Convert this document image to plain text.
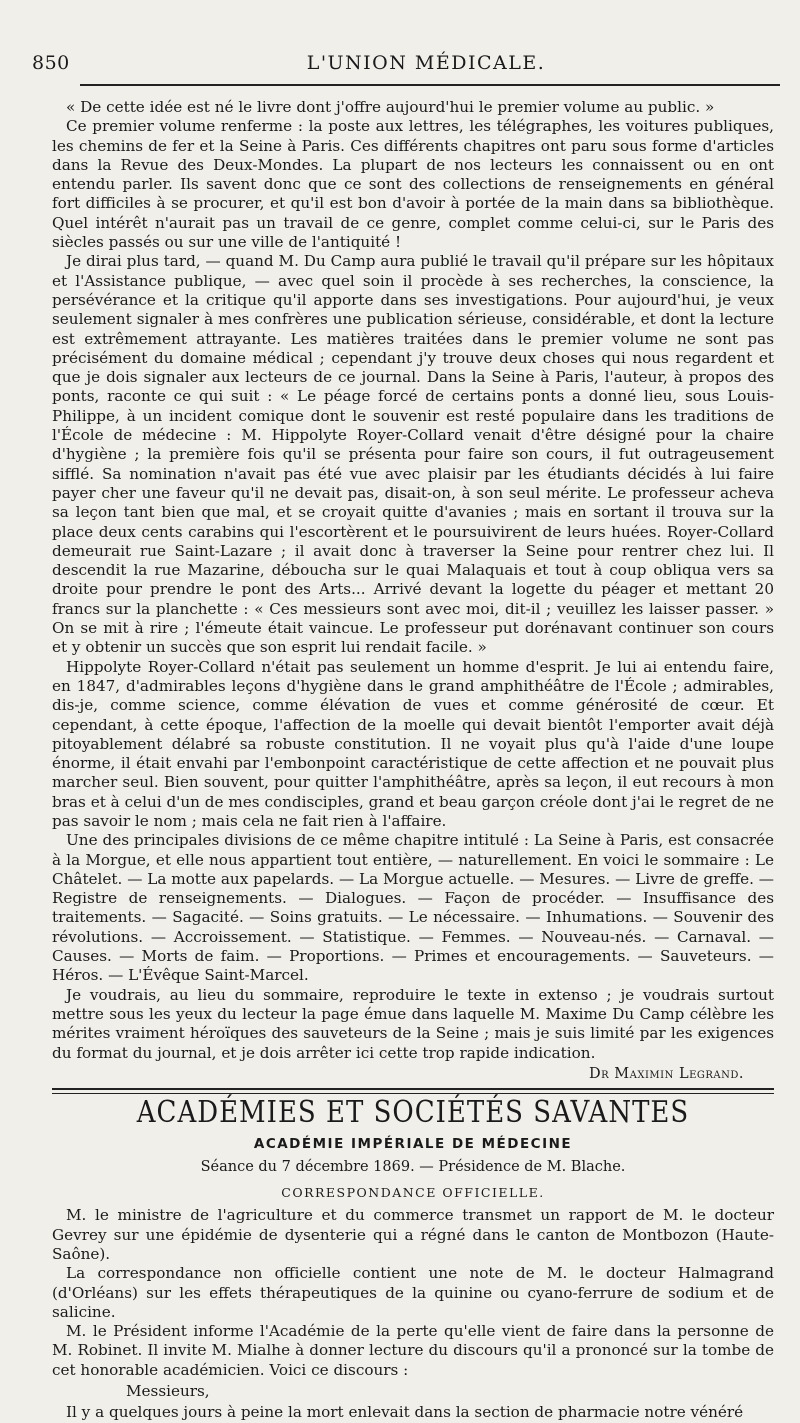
850	L'UNION MÉDICALE.

« De cette idée est né le livre dont j'offre aujourd'hui le premier volume au public. »

Ce premier volume renferme : la poste aux lettres, les télégraphes, les voitures publiques, les chemins de fer et la Seine à Paris. Ces différents chapitres ont paru sous forme d'articles dans la Revue des Deux-Mondes. La plupart de nos lecteurs les connaissent ou en ont entendu parler. Ils savent donc que ce sont des collections de renseignements en général fort difficiles à se procurer, et qu'il est bon d'avoir à portée de la main dans sa bibliothèque. Quel intérêt n'aurait pas un travail de ce genre, complet comme celui-ci, sur le Paris des siècles passés ou sur une ville de l'antiquité !

Je dirai plus tard, — quand M. Du Camp aura publié le travail qu'il prépare sur les hôpitaux et l'Assistance publique, — avec quel soin il procède à ses recherches, la conscience, la persévérance et la critique qu'il apporte dans ses investigations. Pour aujourd'hui, je veux seulement signaler à mes confrères une publication sérieuse, considérable, et dont la lecture est extrêmement attrayante. Les matières traitées dans le premier volume ne sont pas précisément du domaine médical ; cependant j'y trouve deux choses qui nous regardent et que je dois signaler aux lecteurs de ce journal. Dans la Seine à Paris, l'auteur, à propos des ponts, raconte ce qui suit : « Le péage forcé de certains ponts a donné lieu, sous Louis-Philippe, à un incident comique dont le souvenir est resté populaire dans les traditions de l'École de médecine : M. Hippolyte Royer-Collard venait d'être désigné pour la chaire d'hygiène ; la première fois qu'il se présenta pour faire son cours, il fut outrageusement sifflé. Sa nomination n'avait pas été vue avec plaisir par les étudiants décidés à lui faire payer cher une faveur qu'il ne devait pas, disait-on, à son seul mérite. Le professeur acheva sa leçon tant bien que mal, et se croyait quitte d'avanies ; mais en sortant il trouva sur la place deux cents carabins qui l'escortèrent et le poursuivirent de leurs huées. Royer-Collard demeurait rue Saint-Lazare ; il avait donc à traverser la Seine pour rentrer chez lui. Il descendit la rue Mazarine, déboucha sur le quai Malaquais et tout à coup obliqua vers sa droite pour prendre le pont des Arts... Arrivé devant la logette du péager et mettant 20 francs sur la planchette : « Ces messieurs sont avec moi, dit-il ; veuillez les laisser passer. » On se mit à rire ; l'émeute était vaincue. Le professeur put dorénavant continuer son cours et y obtenir un succès que son esprit lui rendait facile. »

Hippolyte Royer-Collard n'était pas seulement un homme d'esprit. Je lui ai entendu faire, en 1847, d'admirables leçons d'hygiène dans le grand amphithéâtre de l'École ; admirables, dis-je, comme science, comme élévation de vues et comme générosité de cœur. Et cependant, à cette époque, l'affection de la moelle qui devait bientôt l'emporter avait déjà pitoyablement délabré sa robuste constitution. Il ne voyait plus qu'à l'aide d'une loupe énorme, il était envahi par l'embonpoint caractéristique de cette affection et ne pouvait plus marcher seul. Bien souvent, pour quitter l'amphithéâtre, après sa leçon, il eut recours à mon bras et à celui d'un de mes condisciples, grand et beau garçon créole dont j'ai le regret de ne pas savoir le nom ; mais cela ne fait rien à l'affaire.

Une des principales divisions de ce même chapitre intitulé : La Seine à Paris, est consacrée à la Morgue, et elle nous appartient tout entière, — naturellement. En voici le sommaire : Le Châtelet. — La motte aux papelards. — La Morgue actuelle. — Mesures. — Livre de greffe. — Registre de renseignements. — Dialogues. — Façon de procéder. — Insuffisance des traitements. — Sagacité. — Soins gratuits. — Le nécessaire. — Inhumations. — Souvenir des révolutions. — Accroissement. — Statistique. — Femmes. — Nouveau-nés. — Carnaval. — Causes. — Morts de faim. — Proportions. — Primes et encouragements. — Sauveteurs. — Héros. — L'Évêque Saint-Marcel.

Je voudrais, au lieu du sommaire, reproduire le texte in extenso ; je voudrais surtout mettre sous les yeux du lecteur la page émue dans laquelle M. Maxime Du Camp célèbre les mérites vraiment héroïques des sauveteurs de la Seine ; mais je suis limité par les exigences du format du journal, et je dois arrêter ici cette trop rapide indication.

Dr Maximin Legrand.
ACADÉMIES ET SOCIÉTÉS SAVANTES
ACADÉMIE IMPÉRIALE DE MÉDECINE
Séance du 7 décembre 1869. — Présidence de M. Blache.
CORRESPONDANCE OFFICIELLE.

M. le ministre de l'agriculture et du commerce transmet un rapport de M. le docteur Gevrey sur une épidémie de dysenterie qui a régné dans le canton de Montbozon (Haute-Saône).

La correspondance non officielle contient une note de M. le docteur Halmagrand (d'Orléans) sur les effets thérapeutiques de la quinine ou cyano-ferrure de sodium et de salicine.

M. le Président informe l'Académie de la perte qu'elle vient de faire dans la personne de M. Robinet. Il invite M. Mialhe à donner lecture du discours qu'il a prononcé sur la tombe de cet honorable académicien. Voici ce discours :

Messieurs,

Il y a quelques jours à peine la mort enlevait dans la section de pharmacie notre vénéré
